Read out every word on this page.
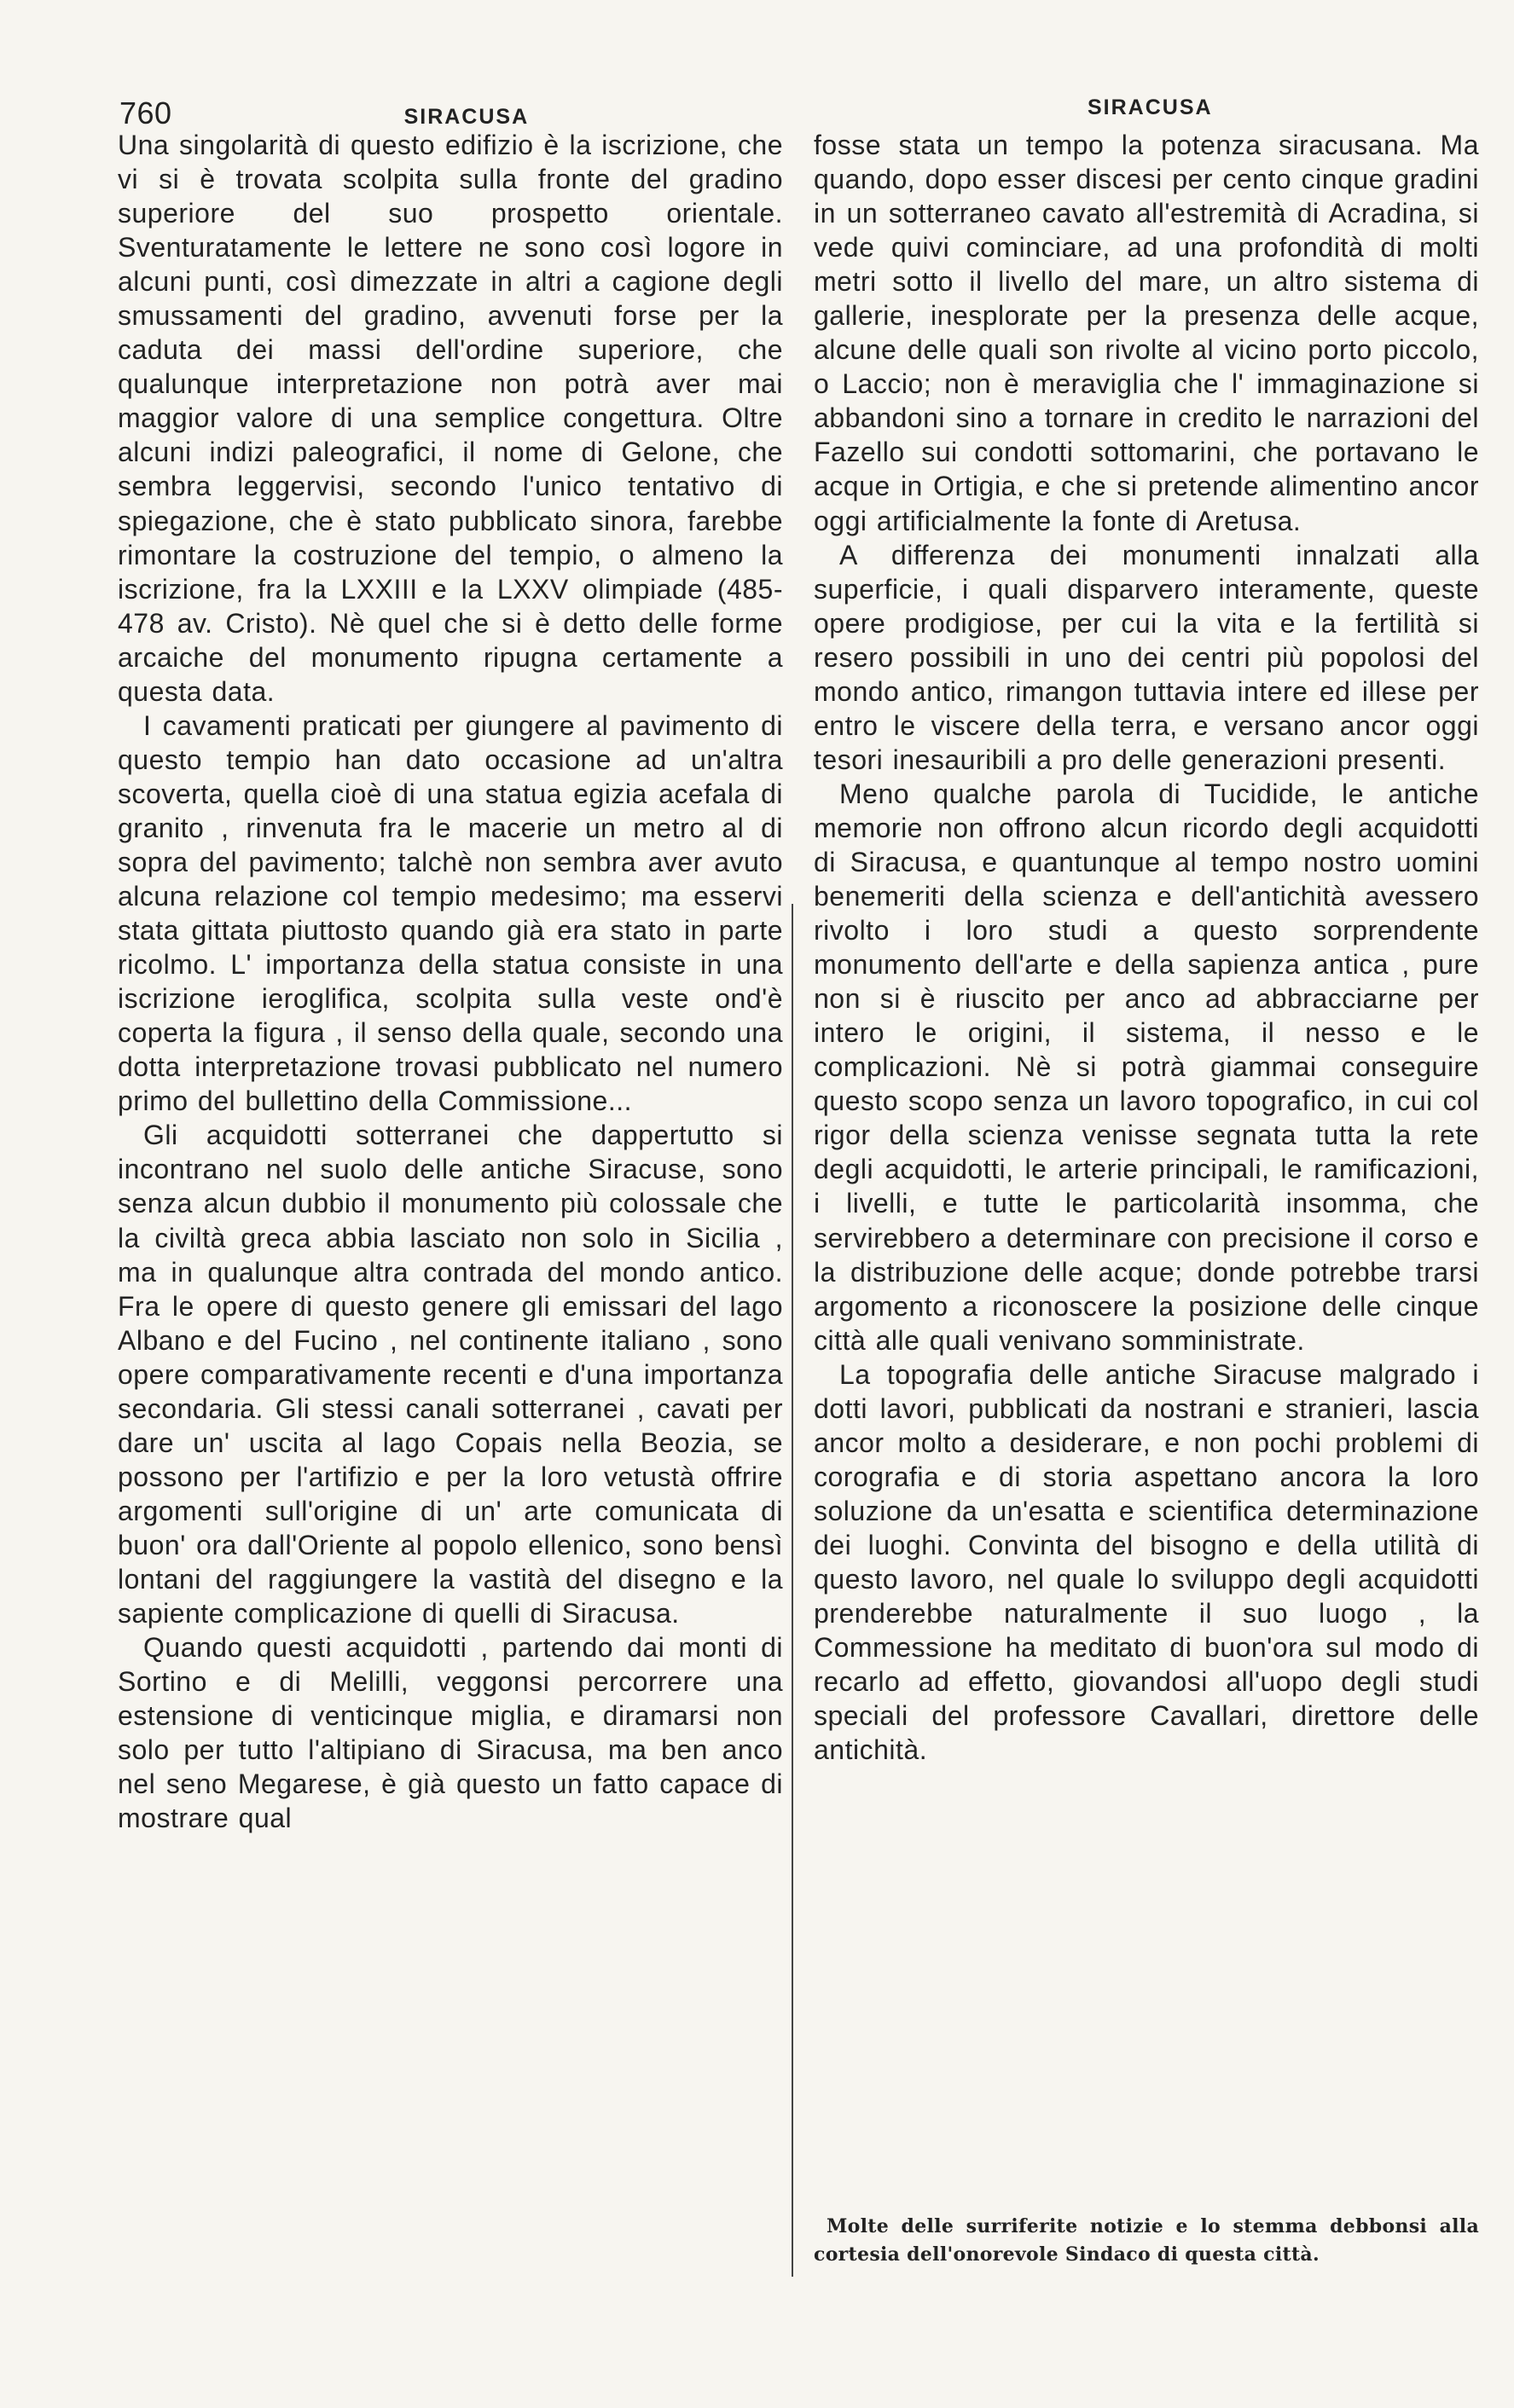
760	SIRACUSA	SIRACUSA

Una singolarità di questo edifizio è la iscrizione, che vi si è trovata scolpita sulla fronte del gradino superiore del suo prospetto orientale. Sventuratamente le lettere ne sono così logore in alcuni punti, così dimezzate in altri a cagione degli smussamenti del gradino, avvenuti forse per la caduta dei massi dell'ordine superiore, che qualunque interpretazione non potrà aver mai maggior valore di una semplice congettura. Oltre alcuni indizi paleografici, il nome di Gelone, che sembra leggervisi, secondo l'unico tentativo di spiegazione, che è stato pubblicato sinora, farebbe rimontare la costruzione del tempio, o almeno la iscrizione, fra la LXXIII e la LXXV olimpiade (485-478 av. Cristo). Nè quel che si è detto delle forme arcaiche del monumento ripugna certamente a questa data.

I cavamenti praticati per giungere al pavimento di questo tempio han dato occasione ad un'altra scoverta, quella cioè di una statua egizia acefala di granito , rinvenuta fra le macerie un metro al di sopra del pavimento; talchè non sembra aver avuto alcuna relazione col tempio medesimo; ma esservi stata gittata piuttosto quando già era stato in parte ricolmo. L' importanza della statua consiste in una iscrizione ieroglifica, scolpita sulla veste ond'è coperta la figura , il senso della quale, secondo una dotta interpretazione trovasi pubblicato nel numero primo del bullettino della Commissione...

Gli acquidotti sotterranei che dappertutto si incontrano nel suolo delle antiche Siracuse, sono senza alcun dubbio il monumento più colossale che la civiltà greca abbia lasciato non solo in Sicilia , ma in qualunque altra contrada del mondo antico. Fra le opere di questo genere gli emissari del lago Albano e del Fucino , nel continente italiano , sono opere comparativamente recenti e d'una importanza secondaria. Gli stessi canali sotterranei , cavati per dare un' uscita al lago Copais nella Beozia, se possono per l'artifizio e per la loro vetustà offrire argomenti sull'origine di un' arte comunicata di buon' ora dall'Oriente al popolo ellenico, sono bensì lontani del raggiungere la vastità del disegno e la sapiente complicazione di quelli di Siracusa.

Quando questi acquidotti , partendo dai monti di Sortino e di Melilli, veggonsi percorrere una estensione di venticinque miglia, e diramarsi non solo per tutto l'altipiano di Siracusa, ma ben anco nel seno Megarese, è già questo un fatto capace di mostrare qual

fosse stata un tempo la potenza siracusana. Ma quando, dopo esser discesi per cento cinque gradini in un sotterraneo cavato all'estremità di Acradina, si vede quivi cominciare, ad una profondità di molti metri sotto il livello del mare, un altro sistema di gallerie, inesplorate per la presenza delle acque, alcune delle quali son rivolte al vicino porto piccolo, o Laccio; non è meraviglia che l' immaginazione si abbandoni sino a tornare in credito le narrazioni del Fazello sui condotti sottomarini, che portavano le acque in Ortigia, e che si pretende alimentino ancor oggi artificialmente la fonte di Aretusa.

A differenza dei monumenti innalzati alla superficie, i quali disparvero interamente, queste opere prodigiose, per cui la vita e la fertilità si resero possibili in uno dei centri più popolosi del mondo antico, rimangon tuttavia intere ed illese per entro le viscere della terra, e versano ancor oggi tesori inesauribili a pro delle generazioni presenti.

Meno qualche parola di Tucidide, le antiche memorie non offrono alcun ricordo degli acquidotti di Siracusa, e quantunque al tempo nostro uomini benemeriti della scienza e dell'antichità avessero rivolto i loro studi a questo sorprendente monumento dell'arte e della sapienza antica , pure non si è riuscito per anco ad abbracciarne per intero le origini, il sistema, il nesso e le complicazioni. Nè si potrà giammai conseguire questo scopo senza un lavoro topografico, in cui col rigor della scienza venisse segnata tutta la rete degli acquidotti, le arterie principali, le ramificazioni, i livelli, e tutte le particolarità insomma, che servirebbero a determinare con precisione il corso e la distribuzione delle acque; donde potrebbe trarsi argomento a riconoscere la posizione delle cinque città alle quali venivano somministrate.

La topografia delle antiche Siracuse malgrado i dotti lavori, pubblicati da nostrani e stranieri, lascia ancor molto a desiderare, e non pochi problemi di corografia e di storia aspettano ancora la loro soluzione da un'esatta e scientifica determinazione dei luoghi. Convinta del bisogno e della utilità di questo lavoro, nel quale lo sviluppo degli acquidotti prenderebbe naturalmente il suo luogo , la Commessione ha meditato di buon'ora sul modo di recarlo ad effetto, giovandosi all'uopo degli studi speciali del professore Cavallari, direttore delle antichità.

Molte delle surriferite notizie e lo stemma debbonsi alla cortesia dell'onorevole Sindaco di questa città.
